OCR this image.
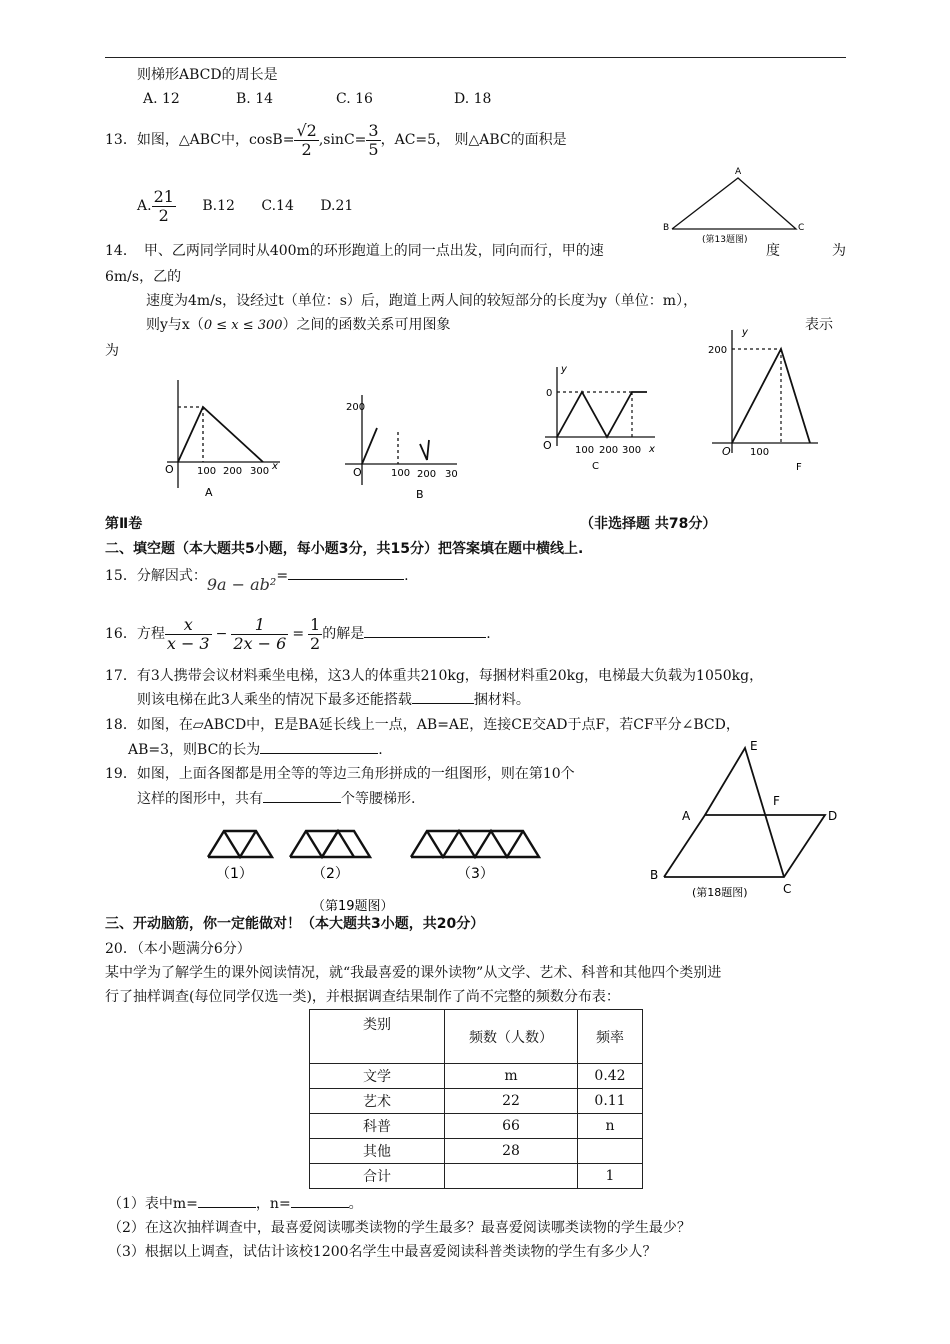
则梯形ABCD的周长是
A. 12	B. 14	C. 16	D. 18
13．如图，△ABC中，$\cos B= \frac{√2}{2} ,\sin C= \frac{3}{5}$ ，AC=5， 则△ABC的面积是
A. $\frac{21}{2} B.12$ C.14 D.21
A
B	C
(第13题图)
14．　甲、乙两同学同时从400m的环形跑道上的同一点出发，同向而行，甲的速	度	为
6m/s，乙的
速度为4m/s，设经过t（单位：s）后，跑道上两人间的较短部分的长度为y（单位：m），
则y与x（0 ≤ x ≤ 300）之间的函数关系可用图象	表示
为
O 100 200 300 x
A
200
O	100 200 30
B
y
0
O 100 200 300 x
C
y
200
O 100
F
第Ⅱ卷	（非选择题 共78分）
二、填空题（本大题共5小题，每小题3分，共15分）把答案填在题中横线上.
15．分解因式：9a − ab²=	.
16．方程 $\frac{x}{x - 3} - \frac{1}{2x - 6} = \frac{1}{2}$ 的解是	.
17．有3人携带会议材料乘坐电梯，这3人的体重共210kg，每捆材料重20kg，电梯最大负载为1050kg，
则该电梯在此3人乘坐的情况下最多还能搭载	捆材料。
18．如图，在▱ABCD中，E是BA延长线上一点，AB=AE，连接CE交AD于点F，若CF平分∠BCD，
AB=3，则BC的长为	.	E
F
A	D
B
C
(第18题图)
19．如图，上面各图都是用全等的等边三角形拼成的一组图形，则在第10个
这样的图形中，共有	个等腰梯形.
（1）	（2）	（3）
（第19题图）
三、开动脑筋，你一定能做对！（本大题共3小题，共20分）
20．（本小题满分6分）
某中学为了解学生的课外阅读情况，就“我最喜爱的课外读物”从文学、艺术、科普和其他四个类别进
行了抽样调查(每位同学仅选一类)，并根据调查结果制作了尚不完整的频数分布表：
类别	频数（人数）	频率
文学	m	0.42
艺术	22	0.11
科普	66	n
其他	28	
合计		1
（1）表中m=	，n=	。
（2）在这次抽样调查中，最喜爱阅读哪类读物的学生最多？最喜爱阅读哪类读物的学生最少？
（3）根据以上调查，试估计该校1200名学生中最喜爱阅读科普类读物的学生有多少人？
